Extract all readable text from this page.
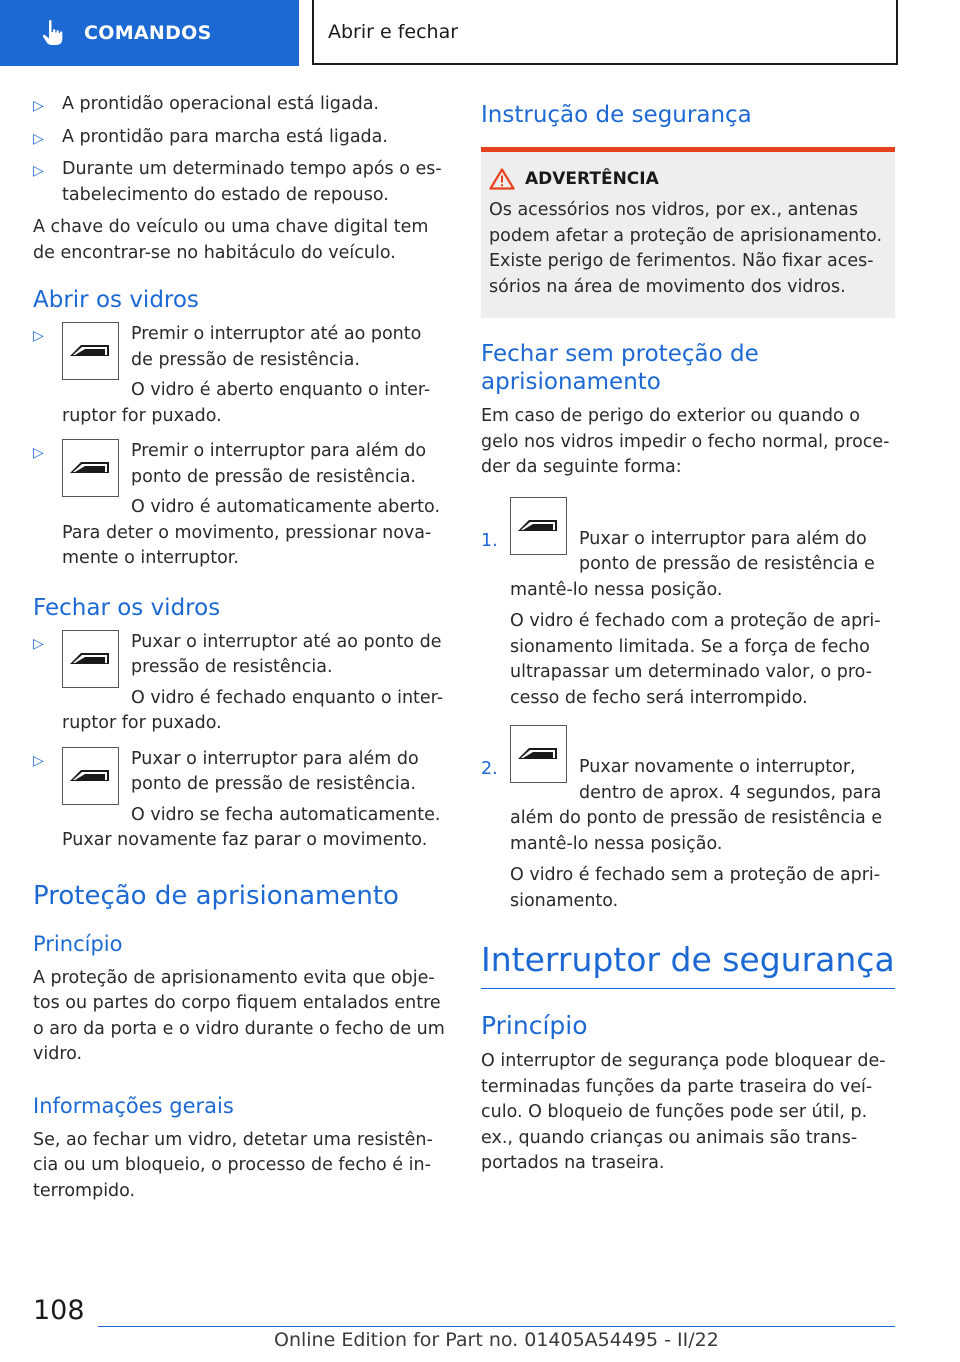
COMANDOS	Abrir e fechar
▷ A prontidão operacional está ligada.
▷ A prontidão para marcha está ligada.
▷ Durante um determinado tempo após o es-tabelecimento do estado de repouso.

A chave do veículo ou uma chave digital tem de encontrar-se no habitáculo do veículo.

Abrir os vidros
▷	Premir o interruptor até ao ponto de pressão de resistência.
O vidro é aberto enquanto o inter-ruptor for puxado.
▷	Premir o interruptor para além do ponto de pressão de resistência.
O vidro é automaticamente aberto. Para deter o movimento, pressionar nova-mente o interruptor.
Fechar os vidros
▷	Puxar o interruptor até ao ponto de pressão de resistência.
O vidro é fechado enquanto o inter-ruptor for puxado.
▷	Puxar o interruptor para além do ponto de pressão de resistência.
O vidro se fecha automaticamente. Puxar novamente faz parar o movimento.
Proteção de aprisionamento
Princípio

A proteção de aprisionamento evita que obje-tos ou partes do corpo fiquem entalados entre o aro da porta e o vidro durante o fecho de um vidro.

Informações gerais

Se, ao fechar um vidro, detetar uma resistên-cia ou um bloqueio, o processo de fecho é in-terrompido.

Instrução de segurança
ADVERTÊNCIA

Os acessórios nos vidros, por ex., antenas podem afetar a proteção de aprisionamento. Existe perigo de ferimentos. Não fixar aces-sórios na área de movimento dos vidros.

Fechar sem proteção de aprisionamento

Em caso de perigo do exterior ou quando o gelo nos vidros impedir o fecho normal, proce-der da seguinte forma:

1.	Puxar o interruptor para além do ponto de pressão de resistência e mantê-lo nessa posição.
O vidro é fechado com a proteção de apri-sionamento limitada. Se a força de fecho ultrapassar um determinado valor, o pro-cesso de fecho será interrompido.
2.	Puxar novamente o interruptor, dentro de aprox. 4 segundos, para além do ponto de pressão de resistência e mantê-lo nessa posição.
O vidro é fechado sem a proteção de apri-sionamento.
Interruptor de segurança
Princípio

O interruptor de segurança pode bloquear de-terminadas funções da parte traseira do veí-culo. O bloqueio de funções pode ser útil, p. ex., quando crianças ou animais são trans-portados na traseira.

108
Online Edition for Part no. 01405A54495 - II/22
